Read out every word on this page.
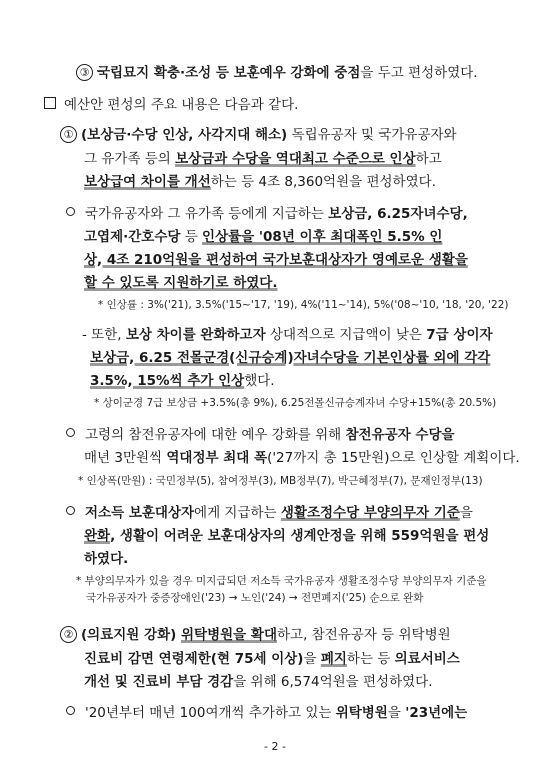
③ 국립묘지 확충·조성 등 보훈예우 강화에 중점을 두고 편성하였다.
예산안 편성의 주요 내용은 다음과 같다.
① (보상금·수당 인상, 사각지대 해소) 독립유공자 및 국가유공자와
그 유가족 등의 보상금과 수당을 역대최고 수준으로 인상하고
보상급여 차이를 개선하는 등 4조 8,360억원을 편성하였다.
국가유공자와 그 유가족 등에게 지급하는 보상금, 6.25자녀수당,
고엽제·간호수당 등 인상률을 '08년 이후 최대폭인 5.5% 인
상, 4조 210억원을 편성하여 국가보훈대상자가 영예로운 생활을
할 수 있도록 지원하기로 하였다.
* 인상률 : 3%('21), 3.5%('15~'17, '19), 4%('11~'14), 5%('08~'10, '18, '20, '22)
- 또한, 보상 차이를 완화하고자 상대적으로 지급액이 낮은 7급 상이자
보상금, 6.25 전몰군경(신규승계)자녀수당을 기본인상률 외에 각각
3.5%, 15%씩 추가 인상했다.
* 상이군경 7급 보상금 +3.5%(총 9%), 6.25전몰신규승계자녀 수당+15%(총 20.5%)
고령의 참전유공자에 대한 예우 강화를 위해 참전유공자 수당을
매년 3만원씩 역대정부 최대 폭('27까지 총 15만원)으로 인상할 계획이다.
* 인상폭(만원) : 국민정부(5), 참여정부(3), MB정부(7), 박근혜정부(7), 문재인정부(13)
저소득 보훈대상자에게 지급하는 생활조정수당 부양의무자 기준을
완화, 생활이 어려운 보훈대상자의 생계안정을 위해 559억원을 편성
하였다.
* 부양의무자가 있을 경우 미지급되던 저소득 국가유공자 생활조정수당 부양의무자 기준을
국가유공자가 중증장애인('23) → 노인('24) → 전면폐지('25) 순으로 완화
② (의료지원 강화) 위탁병원을 확대하고, 참전유공자 등 위탁병원
진료비 감면 연령제한(현 75세 이상)을 폐지하는 등 의료서비스
개선 및 진료비 부담 경감을 위해 6,574억원을 편성하였다.
'20년부터 매년 100여개씩 추가하고 있는 위탁병원을 '23년에는
- 2 -
